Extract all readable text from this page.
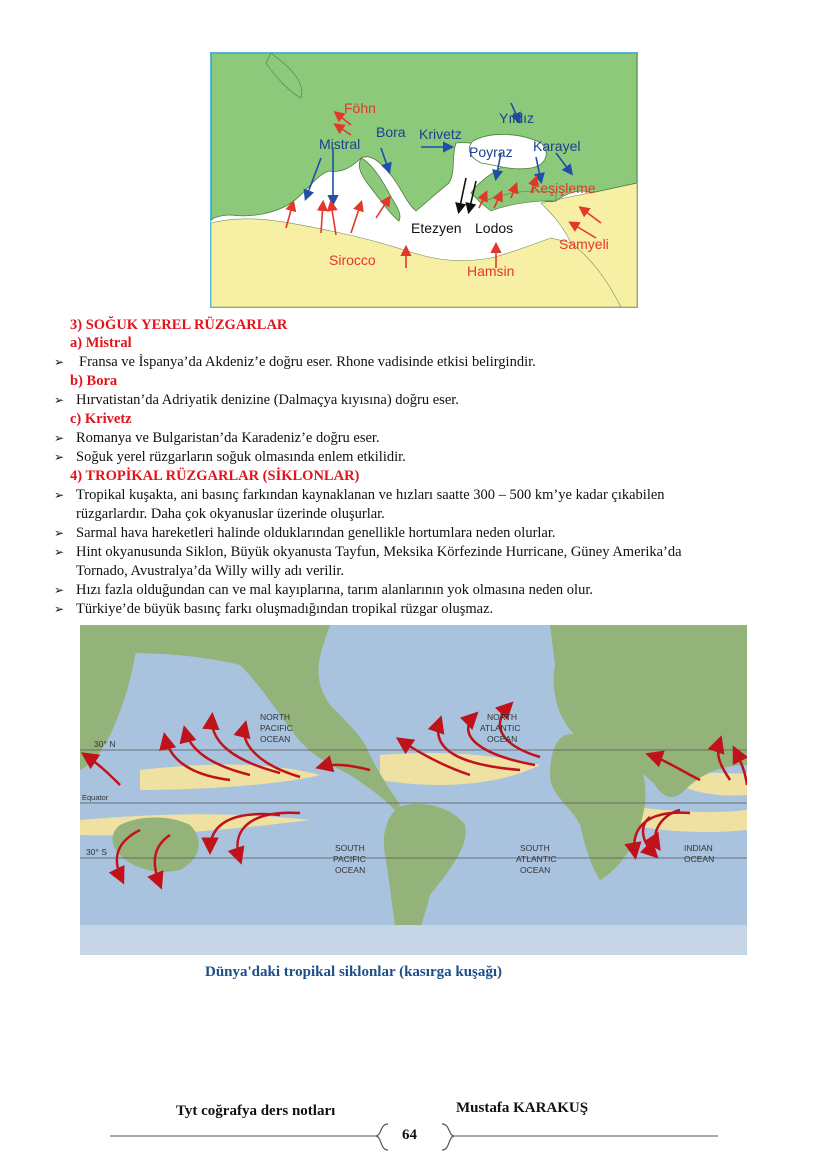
Föhn
Mistral
Bora Krivetz
Yıldız
Poyraz Karayel
Keşişleme
Etezyen Lodos
Samyeli
Sirocco
Hamsin
3) SOĞUK YEREL RÜZGARLAR
a) Mistral
➢ Fransa ve İspanya’da Akdeniz’e doğru eser. Rhone vadisinde etkisi belirgindir.
b) Bora
➢ Hırvatistan’da Adriyatik denizine (Dalmaçya kıyısına) doğru eser.
c) Krivetz
➢ Romanya ve Bulgaristan’da Karadeniz’e doğru eser.
➢ Soğuk yerel rüzgarların soğuk olmasında enlem etkilidir.
4) TROPİKAL RÜZGARLAR (SİKLONLAR)
➢ Tropikal kuşakta, ani basınç farkından kaynaklanan ve hızları saatte 300 – 500 km’ye kadar çıkabilen
rüzgarlardır. Daha çok okyanuslar üzerinde oluşurlar.
➢ Sarmal hava hareketleri halinde olduklarından genellikle hortumlara neden olurlar.
➢ Hint okyanusunda Siklon, Büyük okyanusta Tayfun, Meksika Körfezinde Hurricane, Güney Amerika’da
Tornado, Avustralya’da Willy willy adı verilir.
➢ Hızı fazla olduğundan can ve mal kayıplarına, tarım alanlarının yok olmasına neden olur.
➢ Türkiye’de büyük basınç farkı oluşmadığından tropikal rüzgar oluşmaz.
NORTH
PACIFIC
OCEAN
NORTH
ATLANTIC
OCEAN
SOUTH
PACIFIC
OCEAN
SOUTH
ATLANTIC
OCEAN
INDIAN
OCEAN
30° N
Equator
30° S
Dünya'daki tropikal siklonlar (kasırga kuşağı)
Tyt coğrafya ders notları	Mustafa KARAKUŞ
64
